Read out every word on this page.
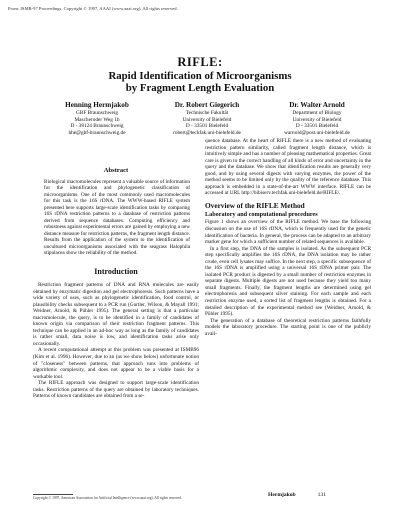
From: ISMB-97 Proceedings. Copyright © 1997, AAAI (www.aaai.org). All rights reserved.
RIFLE:
Rapid Identification of Microorganisms
by Fragment Length Evaluation
Henning Hermjakob
GBF Braunschweig
Mascheroder Weg 1b
D - 38124 Braunschweig
hhe@gbf-braunschweig.de
Dr. Robert Giegerich
Technische Fakultät
University of Bielefeld
D - 33501 Bielefeld
robert@techfak.uni-bielefeld.de
Dr. Walter Arnold
Department of Biology
University of Bielefeld
D - 33501 Bielefeld
warnold@post.uni-bielefeld.de
Abstract
Biological macromolecules represent a valuable source of information for the identification and phylogenetic classification of microorganisms. One of the most commonly used macromolecules for this task is the 16S rDNA. The WWW-based RIFLE system presented here supports large-scale identification tasks by comparing 16S rDNA restriction patterns to a database of restriction patterns derived from sequence databases. Computing efficiency and robustness against experimental errors are gained by employing a new distance measure for restriction patterns, the fragment length distance. Results from the application of the system to the identification of uncultured microorganisms associated with the seagrass Halophila stipulacea show the reliability of the method.
Introduction

Restriction fragment patterns of DNA and RNA molecules are easily obtained by enzymatic digestion and gel electrophoresis. Such patterns have a wide variety of uses, such as phylogenetic identification, food control, or plausibility checks subsequent to a PCR run (Gurtler, Wilson, & Mayall 1991; Weidner, Arnold, & Pühler 1995). The general setting is that a particular macromolecule, the query, is to be identified in a family of candidates of known origin via comparison of their restriction fragment patterns. This technique can be applied in an ad-hoc way as long as the family of candidates is rather small, data noise is low, and identification tasks arise only occasionally.

A recent computational attempt at this problem was presented at ISMB96 (Kim et al. 1996). However, due to an (as we show below) unfortunate notion of "closeness" between patterns, that approach runs into problems of algorithmic complexity, and does not appear to be a viable basis for a workable tool.

The RIFLE approach was designed to support large-scale identification tasks. Restriction patterns of the query are obtained by laboratory techniques. Patterns of known candidates are obtained from a se-

Copyright © 1997, American Association for Artificial Intelligence (www.aaai.org). All rights reserved.

quence database. At the heart of RIFLE there is a new method of evaluating restriction pattern similarity, called fragment length distance, which is intuitively simple and has a number of pleasing mathematical properties. Great care is given to the correct handling of all kinds of error and uncertainty in the query and the database. We show that identification results are generally very good, and by using several digests with varying enzymes, the power of the method seems to be limited only by the quality of the reference database. This approach is embedded in a state-of-the-art WWW interface. RIFLE can be accessed at URL http://bibiserv.techfak.uni-bielefeld.de/RIFLE/.

Overview of the RIFLE Method
Laboratory and computational procedures

Figure 1 shows an overview of the RIFLE method. We base the following discussion on the use of 16S rDNA, which is frequently used for the genetic identification of bacteria. In general, the process can be adapted to an arbitrary marker gene for which a sufficient number of related sequences is available.

In a first step, the DNA of the samples is isolated. As the subsequent PCR step specifically amplifies the 16S rDNA, the DNA isolation may be rather crude, even cell lysates may suffice. In the next step, a specific subsequence of the 16S rDNA is amplified using a universal 16S rDNA primer pair. The isolated PCR product is digested by a small number of restriction enzymes in separate digests. Multiple digests are not used because they yield too many small fragments. Finally, the fragment lengths are determined using gel electrophoresis and subsequent silver staining. For each sample and each restriction enzyme used, a sorted list of fragment lengths is obtained. For a detailed description of the experimental method see (Weidner, Arnold, & Pühler 1995).

The generation of a database of theoretical restriction patterns faithfully models the laboratory procedure. The starting point is one of the publicly avail-

Hermjakob	131
